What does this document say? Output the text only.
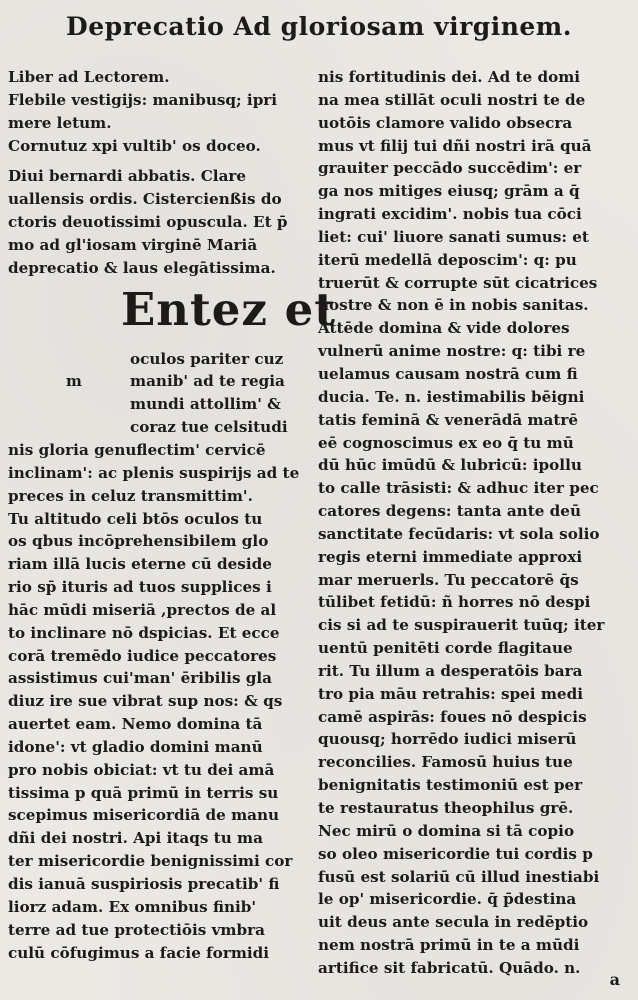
Deprecatio Ad gloriosam virginem.
Liber ad Lectorem.
Flebile vestigijs: manibusq; ipri
mere letum.
Cornutuz xpi vultib' os doceo.
Diui bernardi abbatis. Clare
uallensis ordis. Cistercienßis do
ctoris deuotissimi opuscula. Et p̄
mo ad gl'iosam virginē Mariā
deprecatio & laus elegātissima.
Entez et
m
oculos pariter cuz
manib' ad te regia
mundi attollim' &
coraz tue celsitudi
nis gloria genuflectim' cervicē
inclinam': ac plenis suspirijs ad te
preces in celuz transmittim'.
Tu altitudo celi btōs oculos tu
os qbus incōprehensibilem glo
riam illā lucis eterne cū deside
rio sp̄ ituris ad tuos supplices i
hāc mūdi miseriā ,prectos de al
to inclinare nō dspicias. Et ecce
corā tremēdo iudice peccatores
assistimus cui'man' ēribilis gla
diuz ire sue vibrat sup nos: & qs
auertet eam. Nemo domina tā
idone': vt gladio domini manū
pro nobis obiciat: vt tu dei amā
tissima p quā primū in terris su
scepimus misericordiā de manu
dñi dei nostri. Api itaqs tu ma
ter misericordie benignissimi cor
dis ianuā suspiriosis precatib' fi
liorz adam. Ex omnibus finib'
terre ad tue protectiōis vmbra
culū cōfugimus a facie formidi
nis fortitudinis dei. Ad te domi
na mea stillāt oculi nostri te de
uotōis clamore valido obsecra
mus vt filij tui dñi nostri irā quā
grauiter peccādo succēdim': er
ga nos mitiges eiusq; grām a q̄
ingrati excidim'. nobis tua cōci
liet: cui' liuore sanati sumus: et
iterū medellā deposcim': q: pu
truerūt & corrupte sūt cicatrices
nostre & non ē in nobis sanitas.
Attēde domina & vide dolores
vulnerū anime nostre: q: tibi re
uelamus causam nostrā cum fi
ducia. Te. n. iestimabilis bēigni
tatis feminā & venerādā matrē
eē cognoscimus ex eo q̄ tu mū
dū hūc imūdū & lubricū: ipollu
to calle trāsisti: & adhuc iter pec
catores degens: tanta ante deū
sanctitate fecūdaris: vt sola solio
regis eterni immediate approxi
mar meruerls. Tu peccatorē q̄s
tūlibet fetidū: ñ horres nō despi
cis si ad te suspirauerit tuūq; iter
uentū penitēti corde flagitaue
rit. Tu illum a desperatōis bara
tro pia māu retrahis: spei medi
camē aspirās: foues nō despicis
quousq; horrēdo iudici miserū
reconcilies. Famosū huius tue
benignitatis testimoniū est per
te restauratus theophilus grē.
Nec mirū o domina si tā copio
so oleo misericordie tui cordis p
fusū est solariū cū illud inestiabi
le op' misericordie. q̄ p̄destina
uit deus ante secula in redēptio
nem nostrā primū in te a mūdi
artifice sit fabricatū. Quādo. n.
a
